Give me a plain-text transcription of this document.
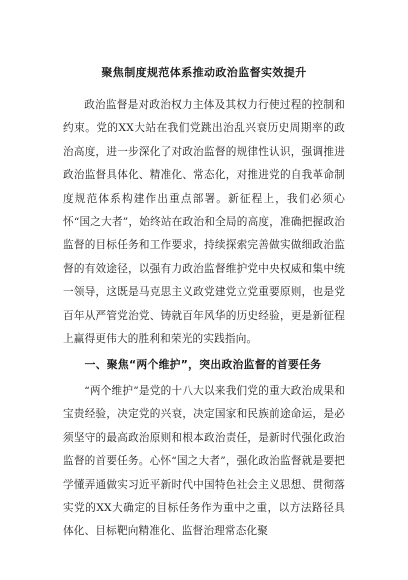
聚焦制度规范体系推动政治监督实效提升

政治监督是对政治权力主体及其权力行使过程的控制和约束。党的XX大站在我们党跳出治乱兴衰历史周期率的政治高度，进一步深化了对政治监督的规律性认识，强调推进政治监督具体化、精准化、常态化，对推进党的自我革命制度规范体系构建作出重点部署。新征程上，我们必须心怀“国之大者”，始终站在政治和全局的高度，准确把握政治监督的目标任务和工作要求，持续探索完善做实做细政治监督的有效途径，以强有力政治监督维护党中央权威和集中统一领导，这既是马克思主义政党建党立党重要原则，也是党百年从严管党治党、铸就百年风华的历史经验，更是新征程上赢得更伟大的胜利和荣光的实践指向。

一、聚焦“两个维护”，突出政治监督的首要任务

“两个维护”是党的十八大以来我们党的重大政治成果和宝贵经验，决定党的兴衰，决定国家和民族前途命运，是必须坚守的最高政治原则和根本政治责任，是新时代强化政治监督的首要任务。心怀“国之大者”，强化政治监督就是要把学懂弄通做实习近平新时代中国特色社会主义思想、贯彻落实党的XX大确定的目标任务作为重中之重，以方法路径具体化、目标靶向精准化、监督治理常态化聚
